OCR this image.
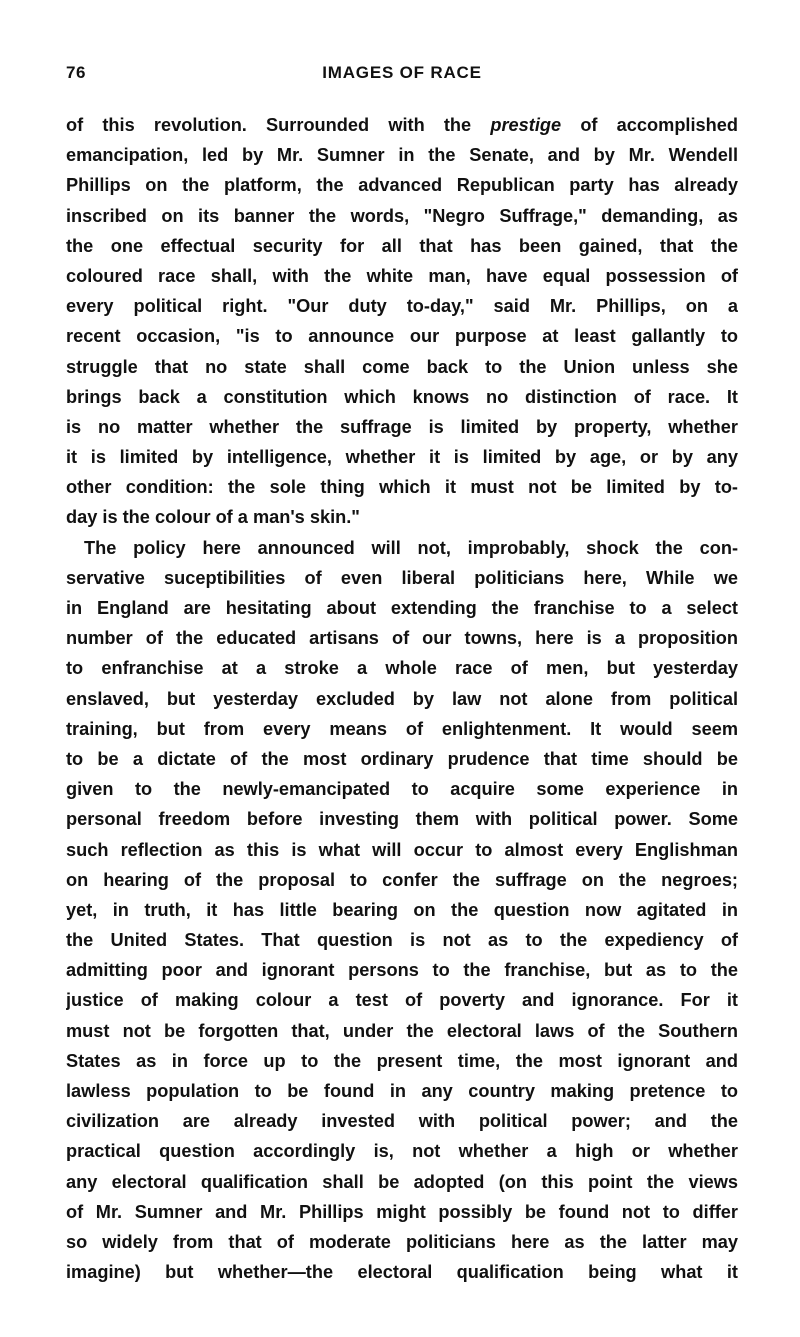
76	IMAGES OF RACE
of this revolution. Surrounded with the prestige of accomplished
emancipation, led by Mr. Sumner in the Senate, and by Mr. Wendell
Phillips on the platform, the advanced Republican party has already
inscribed on its banner the words, "Negro Suffrage," demanding, as
the one effectual security for all that has been gained, that the
coloured race shall, with the white man, have equal possession of
every political right. "Our duty to-day," said Mr. Phillips, on a
recent occasion, "is to announce our purpose at least gallantly to
struggle that no state shall come back to the Union unless she
brings back a constitution which knows no distinction of race. It
is no matter whether the suffrage is limited by property, whether
it is limited by intelligence, whether it is limited by age, or by any
other condition: the sole thing which it must not be limited by to-
day is the colour of a man's skin."
The policy here announced will not, improbably, shock the con-
servative suceptibilities of even liberal politicians here, While we
in England are hesitating about extending the franchise to a select
number of the educated artisans of our towns, here is a proposition
to enfranchise at a stroke a whole race of men, but yesterday
enslaved, but yesterday excluded by law not alone from political
training, but from every means of enlightenment. It would seem
to be a dictate of the most ordinary prudence that time should be
given to the newly-emancipated to acquire some experience in
personal freedom before investing them with political power. Some
such reflection as this is what will occur to almost every Englishman
on hearing of the proposal to confer the suffrage on the negroes;
yet, in truth, it has little bearing on the question now agitated in
the United States. That question is not as to the expediency of
admitting poor and ignorant persons to the franchise, but as to the
justice of making colour a test of poverty and ignorance. For it
must not be forgotten that, under the electoral laws of the Southern
States as in force up to the present time, the most ignorant and
lawless population to be found in any country making pretence to
civilization are already invested with political power; and the
practical question accordingly is, not whether a high or whether
any electoral qualification shall be adopted (on this point the views
of Mr. Sumner and Mr. Phillips might possibly be found not to differ
so widely from that of moderate politicians here as the latter may
imagine) but whether—the electoral qualification being what it
